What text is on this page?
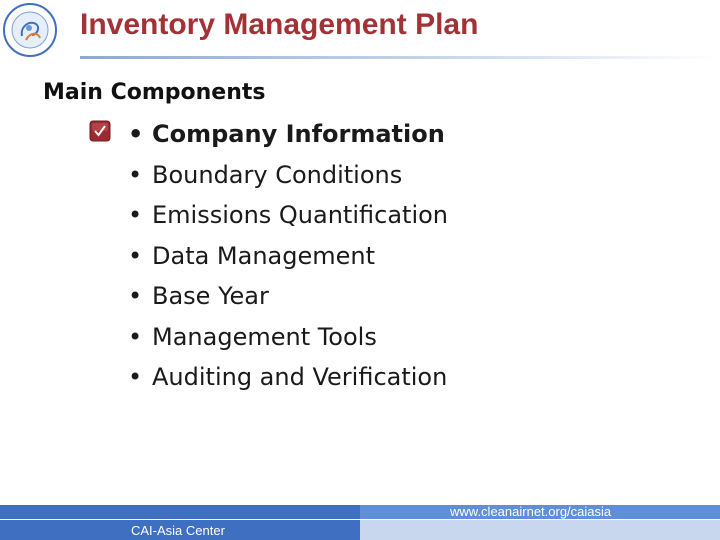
Inventory Management Plan
Main Components
• Company Information
• Boundary Conditions
• Emissions Quantification
• Data Management
• Base Year
• Management Tools
• Auditing and Verification
www.cleanairnet.org/caiasia
CAI-Asia Center
